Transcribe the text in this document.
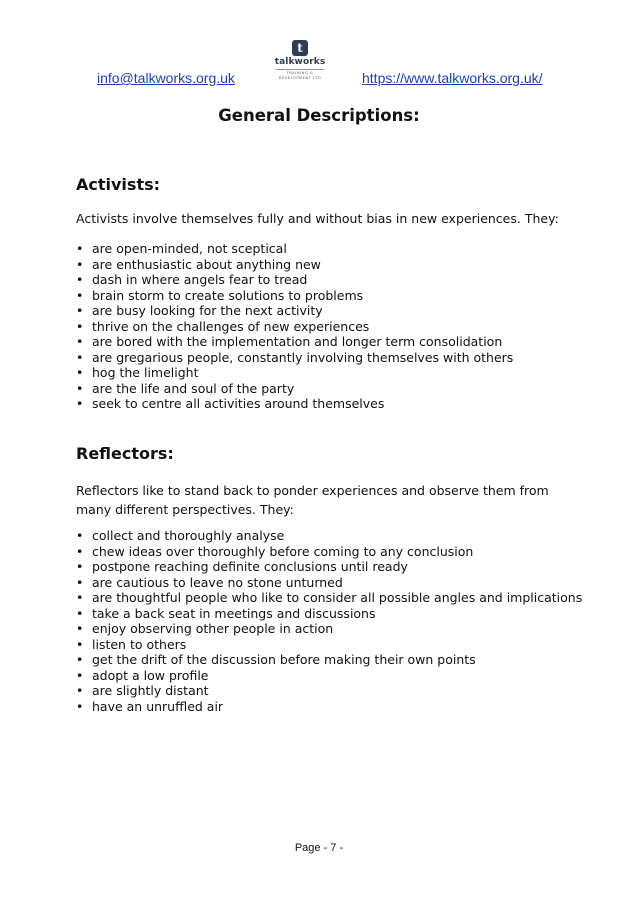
info@talkworks.org.uk
t
talkworks
TRAINING &
DEVELOPMENT LTD	https://www.talkworks.org.uk/
General Descriptions:
Activists:

Activists involve themselves fully and without bias in new experiences. They:

• are open-minded, not sceptical
• are enthusiastic about anything new
• dash in where angels fear to tread
• brain storm to create solutions to problems
• are busy looking for the next activity
• thrive on the challenges of new experiences
• are bored with the implementation and longer term consolidation
• are gregarious people, constantly involving themselves with others
• hog the limelight
• are the life and soul of the party
• seek to centre all activities around themselves
Reflectors:

Reflectors like to stand back to ponder experiences and observe them from many different perspectives. They:

• collect and thoroughly analyse
• chew ideas over thoroughly before coming to any conclusion
• postpone reaching definite conclusions until ready
• are cautious to leave no stone unturned
• are thoughtful people who like to consider all possible angles and implications
• take a back seat in meetings and discussions
• enjoy observing other people in action
• listen to others
• get the drift of the discussion before making their own points
• adopt a low profile
• are slightly distant
• have an unruffled air
Page - 7 -
